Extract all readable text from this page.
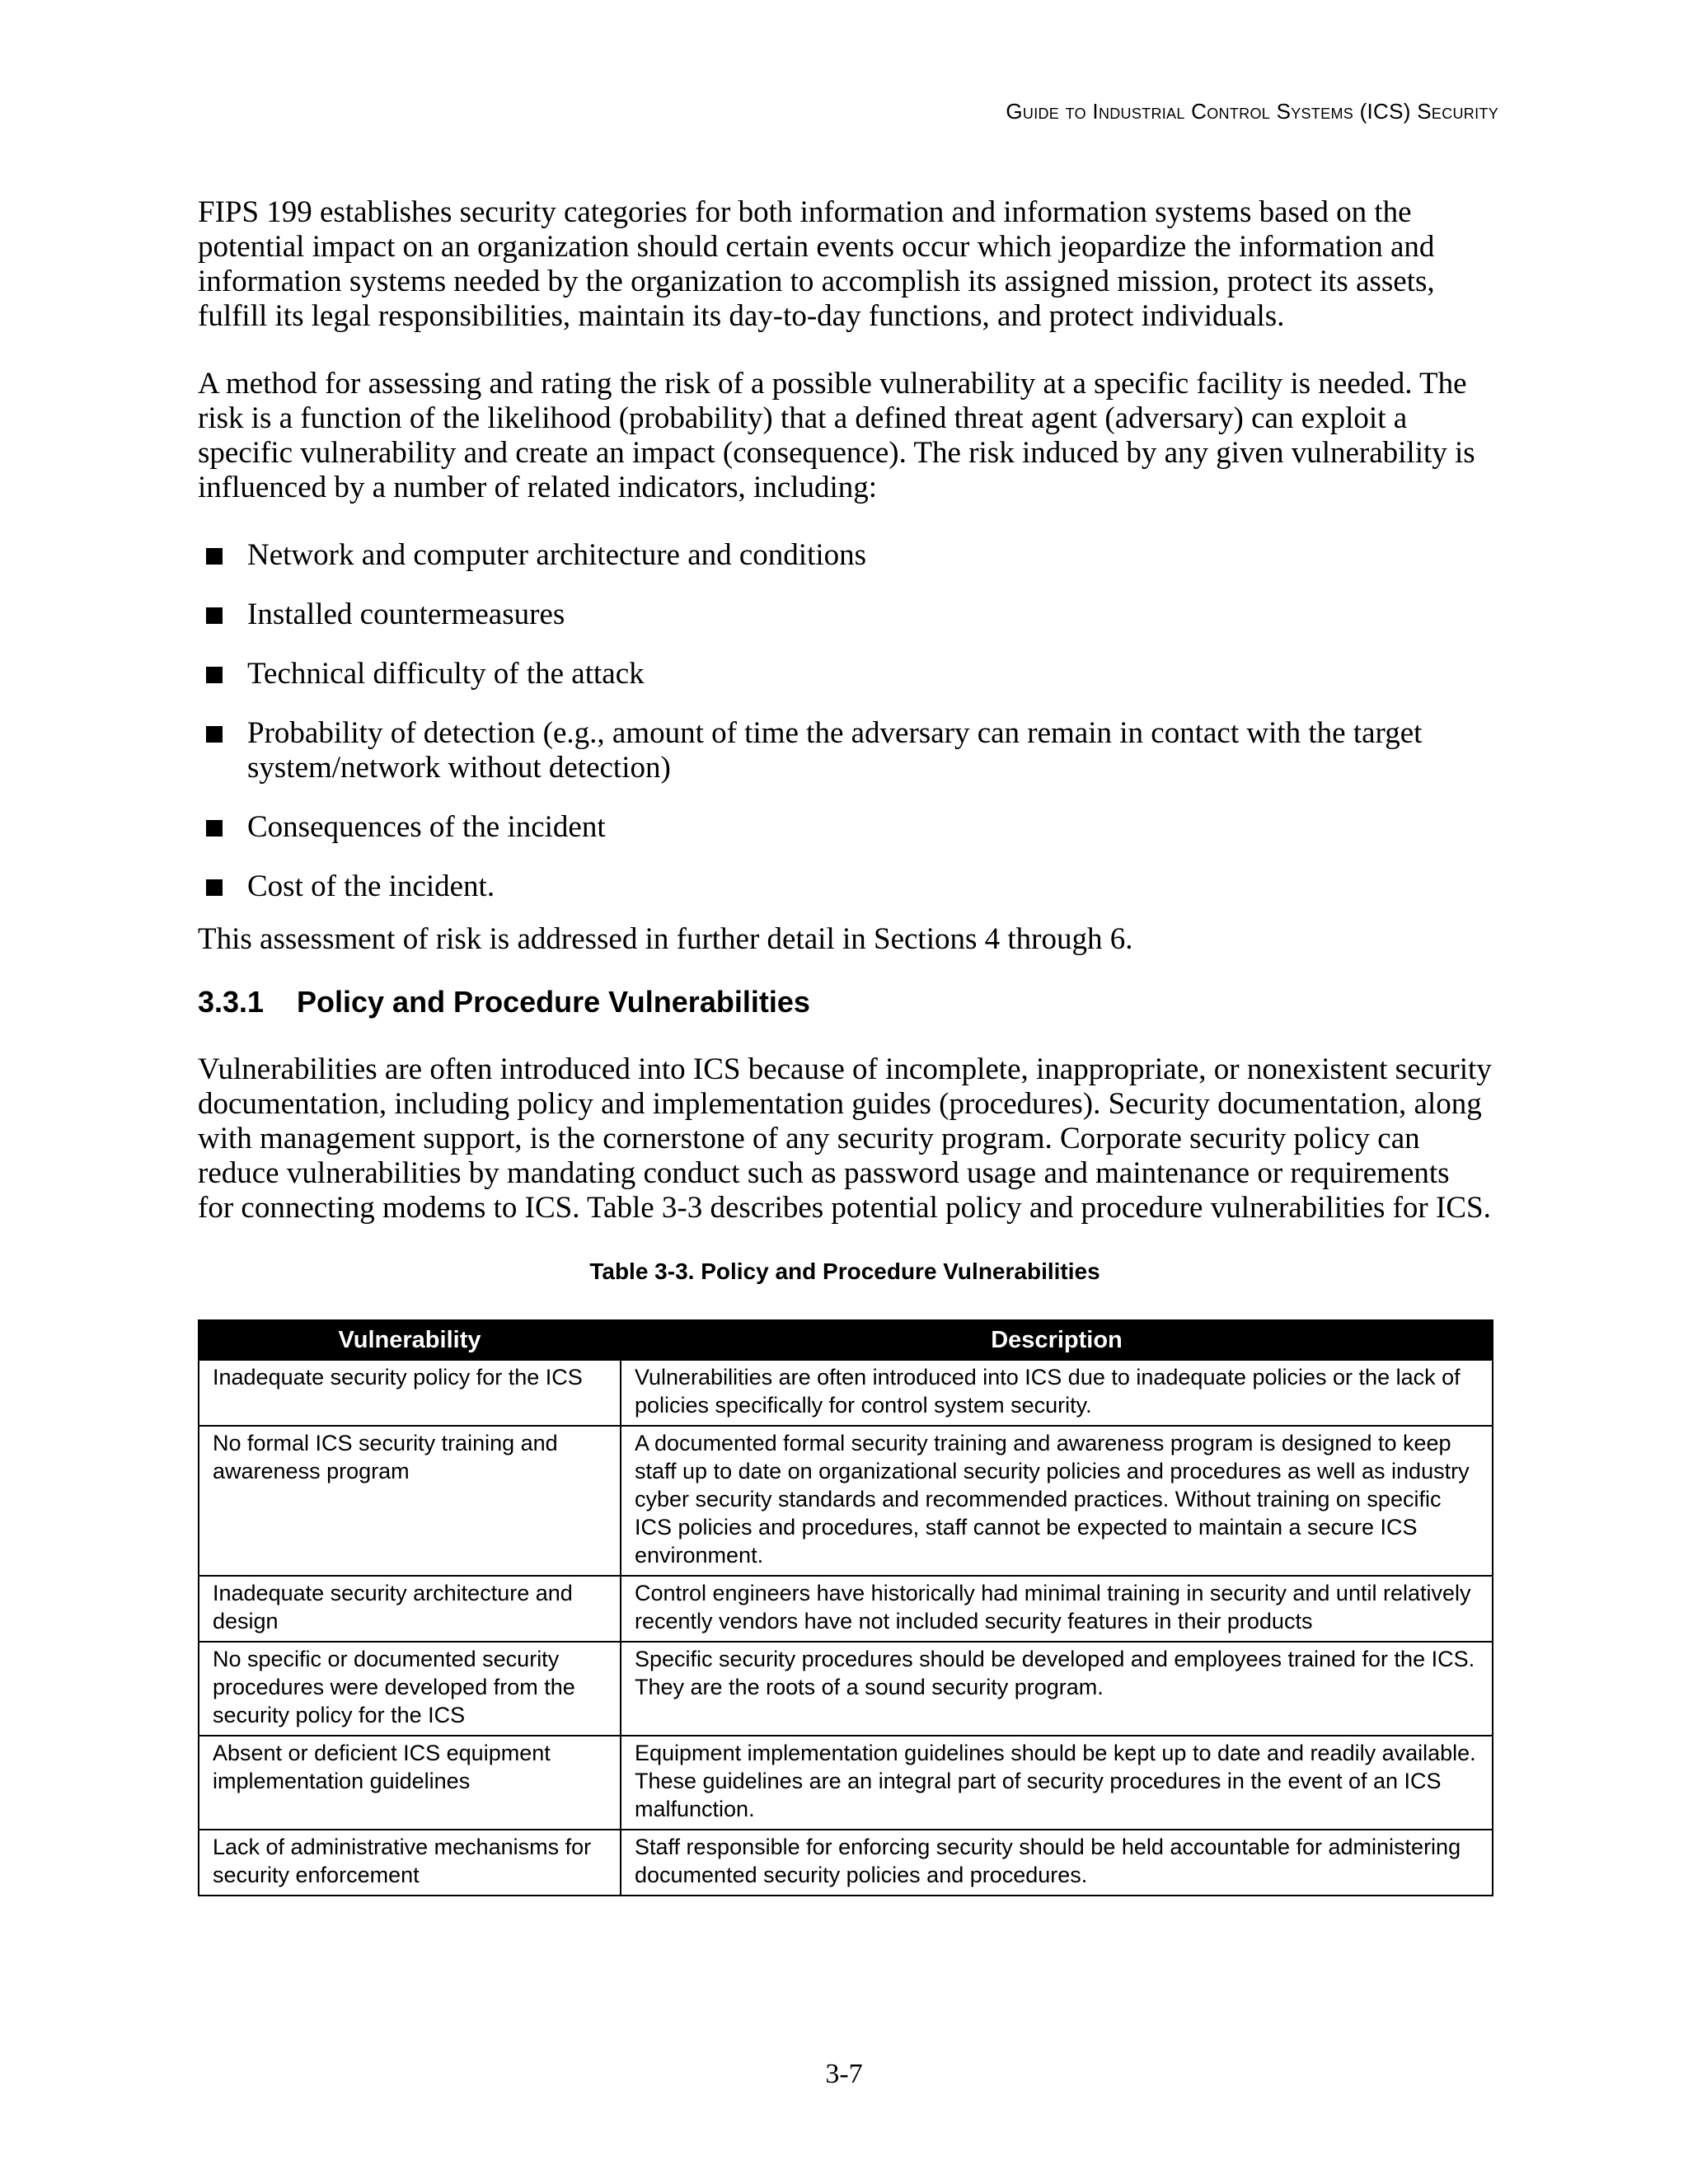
Guide to Industrial Control Systems (ICS) Security

FIPS 199 establishes security categories for both information and information systems based on the potential impact on an organization should certain events occur which jeopardize the information and information systems needed by the organization to accomplish its assigned mission, protect its assets, fulfill its legal responsibilities, maintain its day-to-day functions, and protect individuals.

A method for assessing and rating the risk of a possible vulnerability at a specific facility is needed. The risk is a function of the likelihood (probability) that a defined threat agent (adversary) can exploit a specific vulnerability and create an impact (consequence). The risk induced by any given vulnerability is influenced by a number of related indicators, including:

Network and computer architecture and conditions
Installed countermeasures
Technical difficulty of the attack
Probability of detection (e.g., amount of time the adversary can remain in contact with the target system/network without detection)
Consequences of the incident
Cost of the incident.

This assessment of risk is addressed in further detail in Sections 4 through 6.

3.3.1 Policy and Procedure Vulnerabilities

Vulnerabilities are often introduced into ICS because of incomplete, inappropriate, or nonexistent security documentation, including policy and implementation guides (procedures). Security documentation, along with management support, is the cornerstone of any security program. Corporate security policy can reduce vulnerabilities by mandating conduct such as password usage and maintenance or requirements for connecting modems to ICS. Table 3-3 describes potential policy and procedure vulnerabilities for ICS.

Table 3-3. Policy and Procedure Vulnerabilities
Vulnerability	Description
Inadequate security policy for the ICS	Vulnerabilities are often introduced into ICS due to inadequate policies or the lack of policies specifically for control system security.
No formal ICS security training and awareness program	A documented formal security training and awareness program is designed to keep staff up to date on organizational security policies and procedures as well as industry cyber security standards and recommended practices. Without training on specific ICS policies and procedures, staff cannot be expected to maintain a secure ICS environment.
Inadequate security architecture and design	Control engineers have historically had minimal training in security and until relatively recently vendors have not included security features in their products
No specific or documented security procedures were developed from the security policy for the ICS	Specific security procedures should be developed and employees trained for the ICS. They are the roots of a sound security program.
Absent or deficient ICS equipment implementation guidelines	Equipment implementation guidelines should be kept up to date and readily available. These guidelines are an integral part of security procedures in the event of an ICS malfunction.
Lack of administrative mechanisms for security enforcement	Staff responsible for enforcing security should be held accountable for administering documented security policies and procedures.
3-7
